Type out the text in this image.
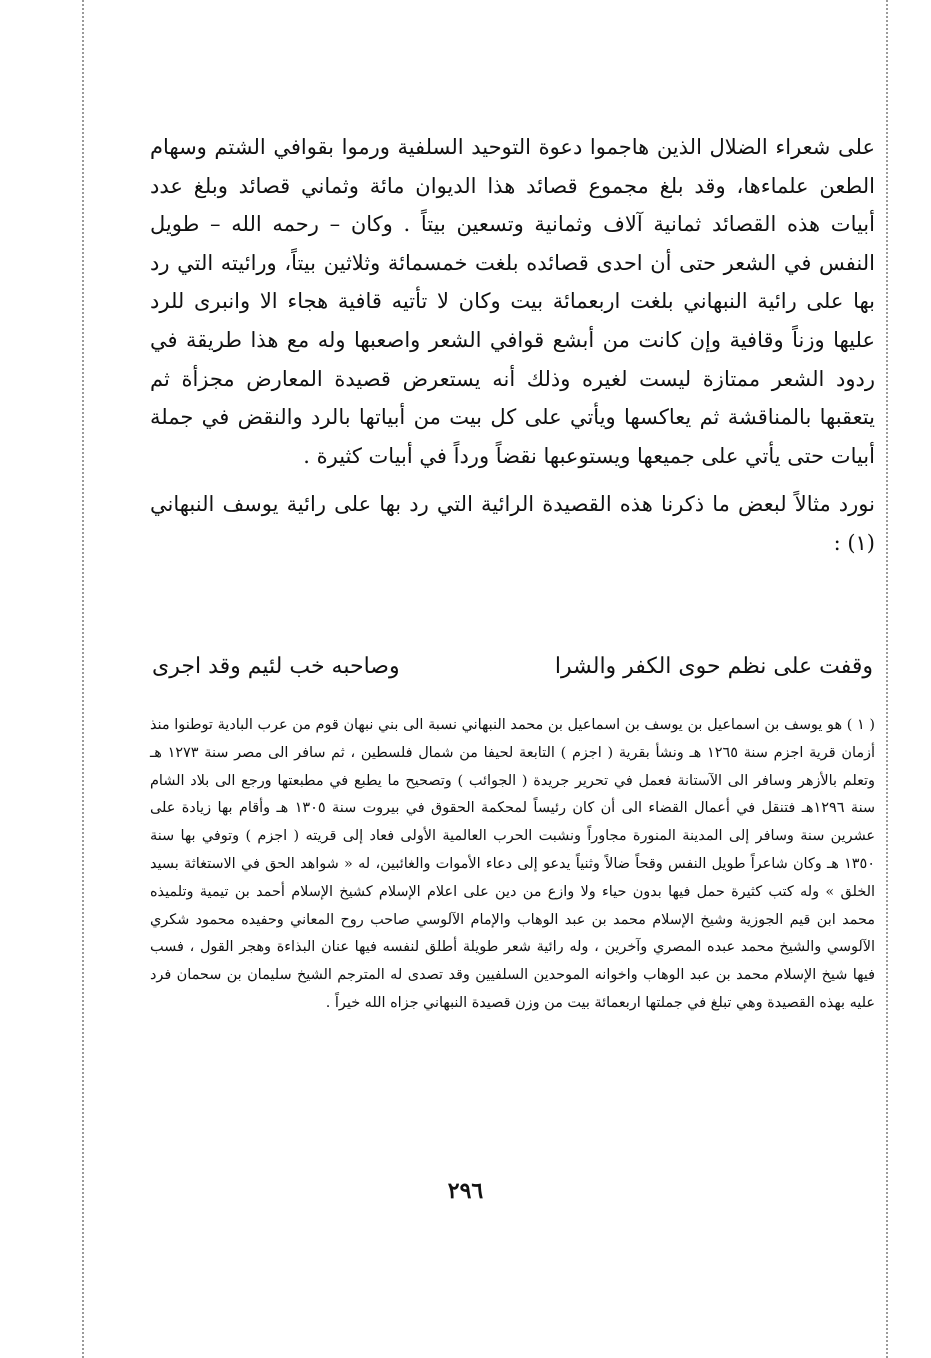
على شعراء الضلال الذين هاجموا دعوة التوحيد السلفية ورموا بقوافي الشتم وسهام الطعن علماءها، وقد بلغ مجموع قصائد هذا الديوان مائة وثماني قصائد وبلغ عدد أبيات هذه القصائد ثمانية آلاف وثمانية وتسعين بيتاً . وكان – رحمه الله – طويل النفس في الشعر حتى أن احدى قصائده بلغت خمسمائة وثلاثين بيتاً، ورائيته التي رد بها على رائية النبهاني بلغت اربعمائة بيت وكان لا تأتيه قافية هجاء الا وانبرى للرد عليها وزناً وقافية وإن كانت من أبشع قوافي الشعر واصعبها وله مع هذا طريقة في ردود الشعر ممتازة ليست لغيره وذلك أنه يستعرض قصيدة المعارض مجزأة ثم يتعقبها بالمناقشة ثم يعاكسها ويأتي على كل بيت من أبياتها بالرد والنقض في جملة أبيات حتى يأتي على جميعها ويستوعبها نقضاً ورداً في أبيات كثيرة .

نورد مثالاً لبعض ما ذكرنا هذه القصيدة الرائية التي رد بها على رائية يوسف النبهاني (١) :

وقفت على نظم حوى الكفر والشرا
وصاحبه خب لئيم وقد اجرى

( ١ ) هو يوسف بن اسماعيل بن يوسف بن اسماعيل بن محمد النبهاني نسبة الى بني نبهان قوم من عرب البادية توطنوا منذ أزمان قرية اجزم سنة ١٢٦٥ هـ ونشأ بقرية ( اجزم ) التابعة لحيفا من شمال فلسطين ، ثم سافر الى مصر سنة ١٢٧٣ هـ وتعلم بالأزهر وسافر الى الآستانة فعمل في تحرير جريدة ( الجوائب ) وتصحيح ما يطبع في مطبعتها ورجع الى بلاد الشام سنة ١٢٩٦هـ فتنقل في أعمال القضاء الى أن كان رئيساً لمحكمة الحقوق في بيروت سنة ١٣٠٥ هـ وأقام بها زيادة على عشرين سنة وسافر إلى المدينة المنورة مجاوراً ونشبت الحرب العالمية الأولى فعاد إلى قريته ( اجزم ) وتوفي بها سنة ١٣٥٠ هـ وكان شاعراً طويل النفس وقحاً ضالاً وثنياً يدعو إلى دعاء الأموات والغائبين، له « شواهد الحق في الاستغاثة بسيد الخلق » وله كتب كثيرة حمل فيها بدون حياء ولا وازع من دين على اعلام الإسلام كشيخ الإسلام أحمد بن تيمية وتلميذه محمد ابن قيم الجوزية وشيخ الإسلام محمد بن عبد الوهاب والإمام الآلوسي صاحب روح المعاني وحفيده محمود شكري الآلوسي والشيخ محمد عبده المصري وآخرين ، وله رائية شعر طويلة أطلق لنفسه فيها عنان البذاءة وهجر القول ، فسب فيها شيخ الإسلام محمد بن عبد الوهاب واخوانه الموحدين السلفيين وقد تصدى له المترجم الشيخ سليمان بن سحمان فرد عليه بهذه القصيدة وهي تبلغ في جملتها اربعمائة بيت من وزن قصيدة النبهاني جزاه الله خيراً .

٢٩٦
